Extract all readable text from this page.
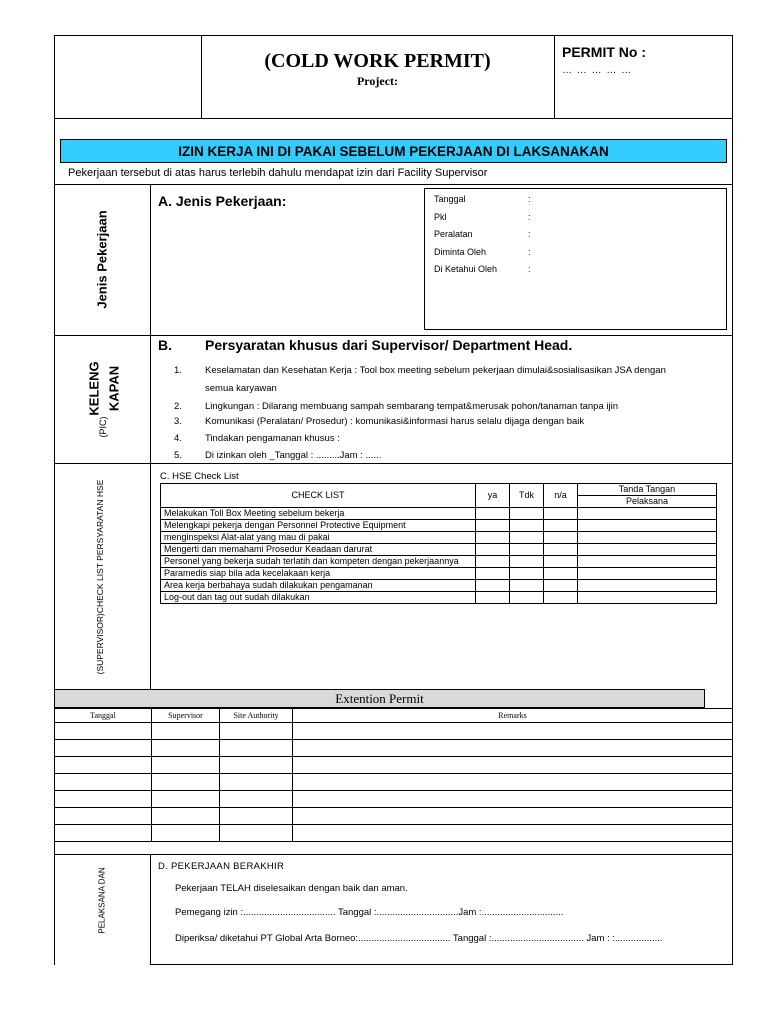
(COLD WORK PERMIT)
Project:
PERMIT No :
… … … … …
IZIN KERJA INI DI PAKAI SEBELUM PEKERJAAN DI LAKSANAKAN
Pekerjaan tersebut di atas harus terlebih dahulu mendapat izin dari Facility Supervisor
Jenis Pekerjaan
A. Jenis Pekerjaan:	Tanggal	:
Pkl	:
Peralatan	:
Diminta Oleh	:
Di Ketahui Oleh	:
KELENG KAPAN
(PIC)
B. Persyaratan khusus dari Supervisor/ Department Head.
1. Keselamatan dan Kesehatan Kerja : Tool box meeting sebelum pekerjaan dimulai&sosialisasikan JSA dengan
semua karyawan
2. Lingkungan : Dilarang membuang sampah sembarang tempat&merusak pohon/tanaman tanpa ijin
3. Komunikasi (Peralatan/ Prosedur) : komunikasi&informasi harus selalu dijaga dengan baik
4. Tindakan pengamanan khusus :
5. Di izinkan oleh _Tanggal : .........Jam : ......
(SUPERVISOR)CHECK LIST PERSYARATAN HSE
C. HSE Check List
CHECK LIST	ya	Tdk	n/a	Tanda Tangan
				Pelaksana
Melakukan Toll Box Meeting sebelum bekerja				
Melengkapi pekerja dengan Personnel Protective Equipment				
menginspeksi Alat-alat yang mau di pakai				
Mengerti dan memahami Prosedur Keadaan darurat				
Personel yang bekerja sudah terlatih dan kompeten dengan pekerjaannya				
Paramedis siap bila ada kecelakaan kerja				
Area kerja berbahaya sudah dilakukan pengamanan				
Log-out dan tag out sudah dilakukan				
Extention Permit
Tanggal	Supervisor	Site Authority	Remarks

PELAKSANA DAN
D. PEKERJAAN BERAKHIR
Pekerjaan TELAH diselesaikan dengan baik dan aman.
Pemegang izin :................................... Tanggal :...............................Jam :...............................
Diperiksa/ diketahui PT Global Arta Borneo:................................... Tanggal :................................... Jam : :..................
